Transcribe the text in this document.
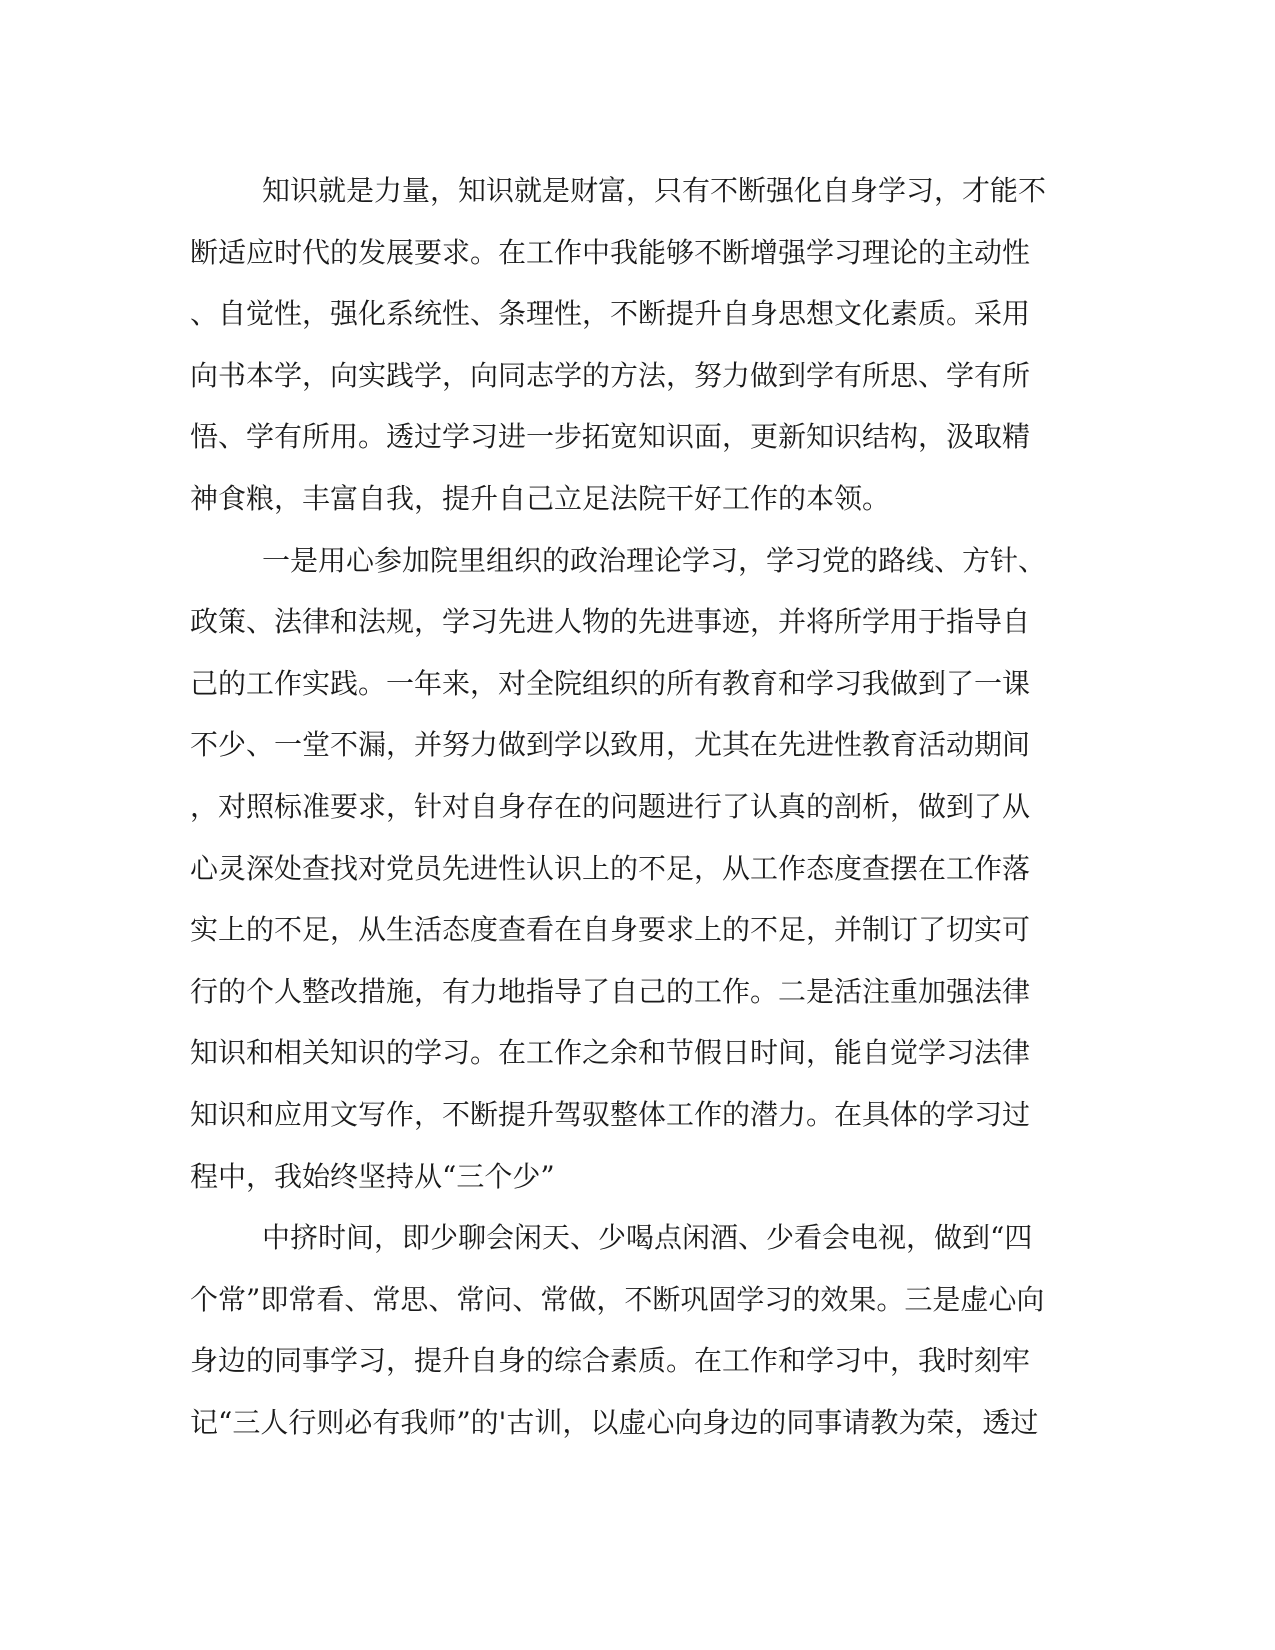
知识就是力量，知识就是财富，只有不断强化自身学习，才能不
断适应时代的发展要求。在工作中我能够不断增强学习理论的主动性
、自觉性，强化系统性、条理性，不断提升自身思想文化素质。采用
向书本学，向实践学，向同志学的方法，努力做到学有所思、学有所
悟、学有所用。透过学习进一步拓宽知识面，更新知识结构，汲取精
神食粮，丰富自我，提升自己立足法院干好工作的本领。
一是用心参加院里组织的政治理论学习，学习党的路线、方针、
政策、法律和法规，学习先进人物的先进事迹，并将所学用于指导自
己的工作实践。一年来，对全院组织的所有教育和学习我做到了一课
不少、一堂不漏，并努力做到学以致用，尤其在先进性教育活动期间
，对照标准要求，针对自身存在的问题进行了认真的剖析，做到了从
心灵深处查找对党员先进性认识上的不足，从工作态度查摆在工作落
实上的不足，从生活态度查看在自身要求上的不足，并制订了切实可
行的个人整改措施，有力地指导了自己的工作。二是活注重加强法律
知识和相关知识的学习。在工作之余和节假日时间，能自觉学习法律
知识和应用文写作，不断提升驾驭整体工作的潜力。在具体的学习过
程中，我始终坚持从“三个少”
中挤时间，即少聊会闲天、少喝点闲酒、少看会电视，做到“四
个常”即常看、常思、常问、常做，不断巩固学习的效果。三是虚心向
身边的同事学习，提升自身的综合素质。在工作和学习中，我时刻牢
记“三人行则必有我师”的'古训，以虚心向身边的同事请教为荣，透过
